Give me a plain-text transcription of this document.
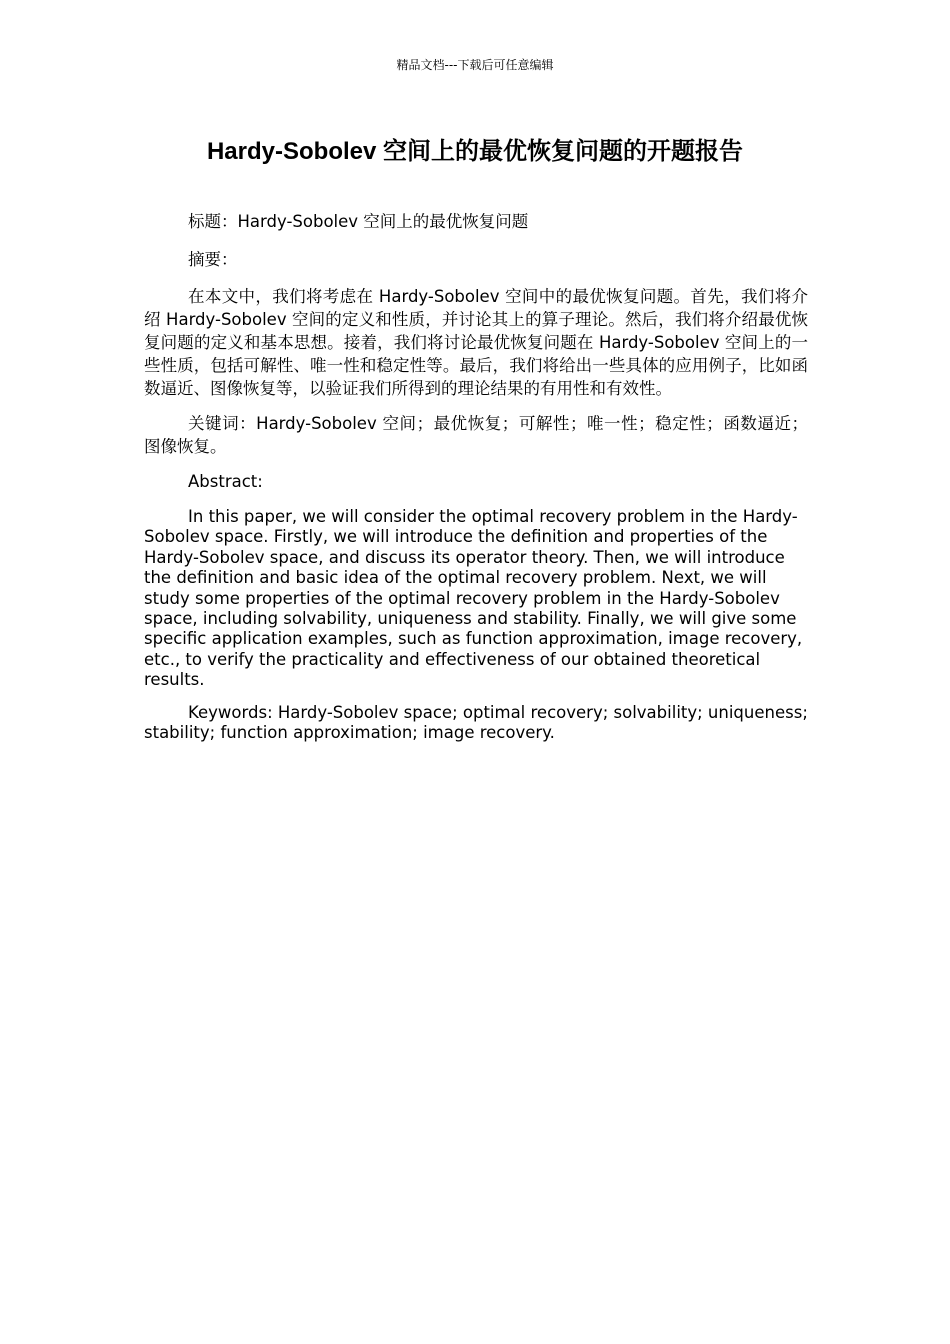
精品文档---下载后可任意编辑
Hardy-Sobolev 空间上的最优恢复问题的开题报告

标题：Hardy-Sobolev 空间上的最优恢复问题

摘要：

在本文中，我们将考虑在 Hardy-Sobolev 空间中的最优恢复问题。首先，我们将介绍 Hardy-Sobolev 空间的定义和性质，并讨论其上的算子理论。然后，我们将介绍最优恢复问题的定义和基本思想。接着，我们将讨论最优恢复问题在 Hardy-Sobolev 空间上的一些性质，包括可解性、唯一性和稳定性等。最后，我们将给出一些具体的应用例子，比如函数逼近、图像恢复等，以验证我们所得到的理论结果的有用性和有效性。

关键词：Hardy-Sobolev 空间；最优恢复；可解性；唯一性；稳定性；函数逼近；图像恢复。

Abstract:

In this paper, we will consider the optimal recovery problem in the Hardy-Sobolev space. Firstly, we will introduce the definition and properties of the Hardy-Sobolev space, and discuss its operator theory. Then, we will introduce the definition and basic idea of the optimal recovery problem. Next, we will study some properties of the optimal recovery problem in the Hardy-Sobolev space, including solvability, uniqueness and stability. Finally, we will give some specific application examples, such as function approximation, image recovery, etc., to verify the practicality and effectiveness of our obtained theoretical results.

Keywords: Hardy-Sobolev space; optimal recovery; solvability; uniqueness; stability; function approximation; image recovery.
